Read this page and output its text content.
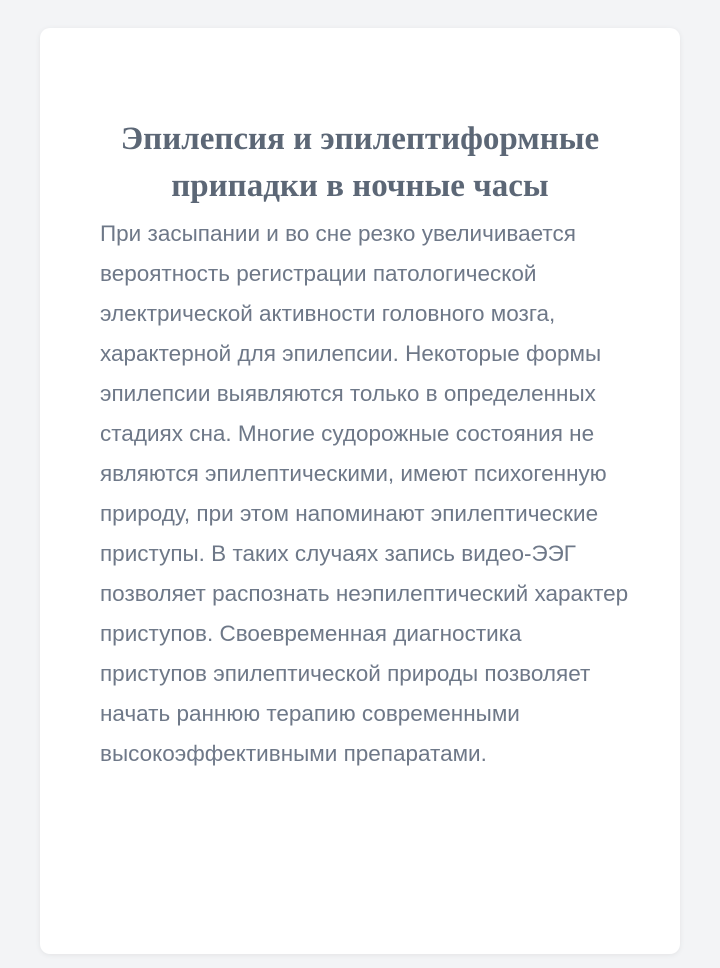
Эпилепсия и эпилептиформные
припадки в ночные часы

При засыпании и во сне резко увеличивается вероятность регистрации патологической электрической активности головного мозга, характерной для эпилепсии. Некоторые формы эпилепсии выявляются только в определенных стадиях сна. Многие судорожные состояния не являются эпилептическими, имеют психогенную природу, при этом напоминают эпилептические приступы. В таких случаях запись видео-ЭЭГ позволяет распознать неэпилептический характер приступов. Своевременная диагностика приступов эпилептической природы позволяет начать раннюю терапию современными высокоэффективными препаратами.
